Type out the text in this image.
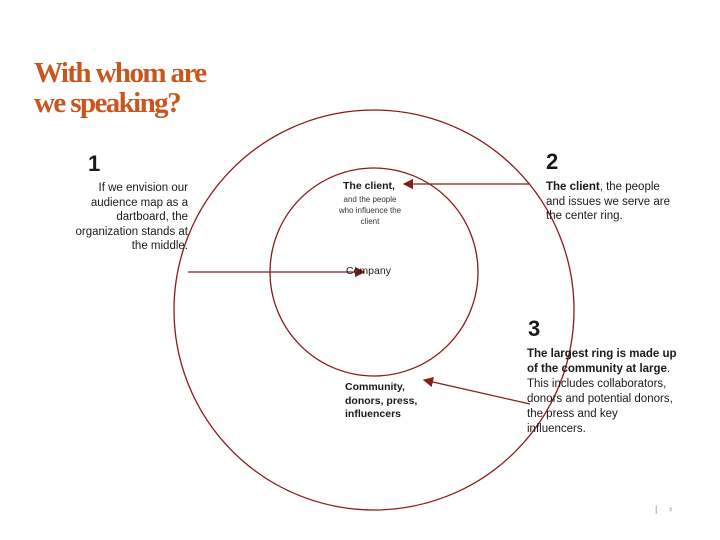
With whom are
we speaking?
1
If we envision our audience map as a dartboard, the organization stands at the middle.
2
The client, the people and issues we serve are the center ring.
3
The largest ring is made up of the community at large. This includes collaborators, donors and potential donors, the press and key influencers.
The client,
and the people who influence the client
Company
Community, donors, press, influencers
| ะ
